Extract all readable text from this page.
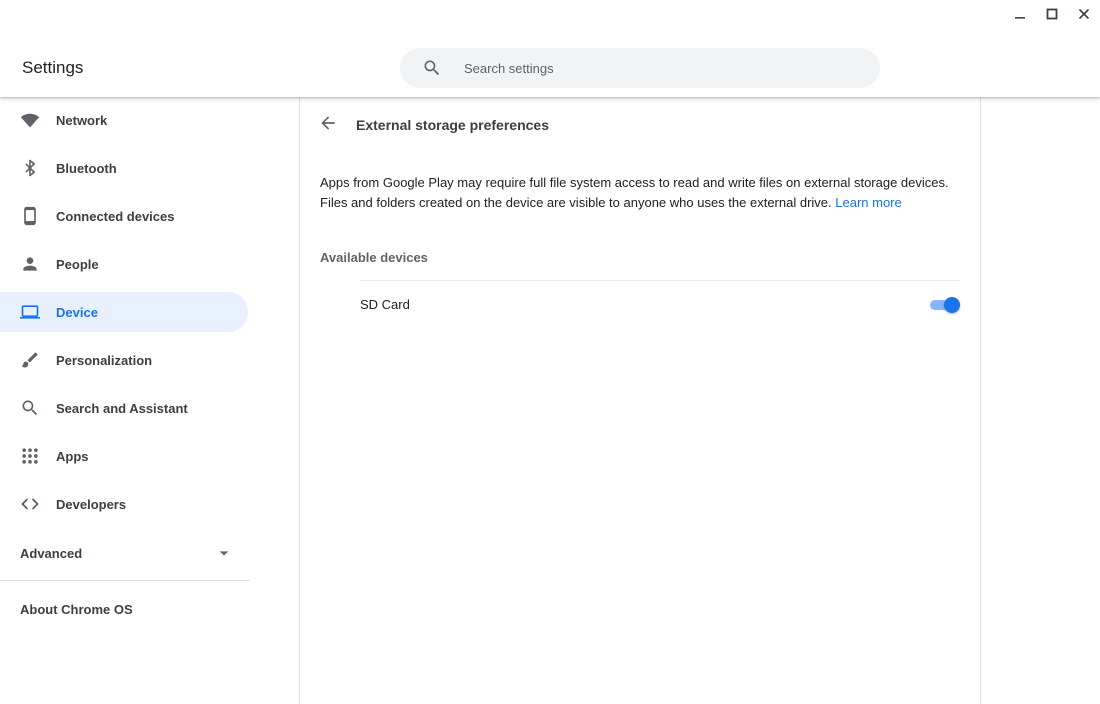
Settings
Search settings
Network
Bluetooth
Connected devices
People
Device
Personalization
Search and Assistant
Apps
Developers
Advanced
About Chrome OS
External storage preferences
Apps from Google Play may require full file system access to read and write files on external storage devices. Files and folders created on the device are visible to anyone who uses the external drive. Learn more
Available devices
SD Card
